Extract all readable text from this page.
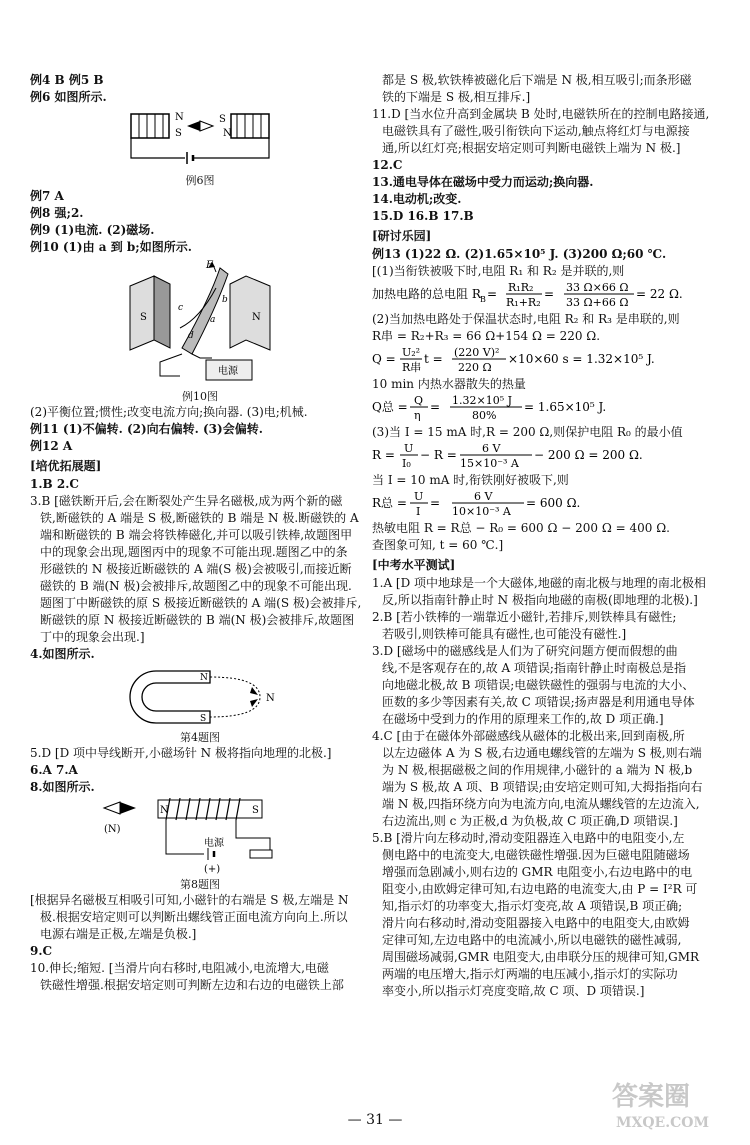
例4 B 例5 B
例6 如图所示.
N
S
S
N
例6图
例7 A
例8 强;2.
例9 (1)电流. (2)磁场.
例10 (1)由 a 到 b;如图所示.
F
S	N
a
b
c
d
电源
例10图
(2)平衡位置;惯性;改变电流方向;换向器. (3)电;机械.
例11 (1)不偏转. (2)向右偏转. (3)会偏转.
例12 A
[培优拓展题]
1.B 2.C
3.B [磁铁断开后,会在断裂处产生异名磁极,成为两个新的磁
铁,断磁铁的 A 端是 S 极,断磁铁的 B 端是 N 极.断磁铁的 A
端和断磁铁的 B 端会将铁棒磁化,并可以吸引铁棒,故题图甲
中的现象会出现,题图丙中的现象不可能出现.题图乙中的条
形磁铁的 N 极接近断磁铁的 A 端(S 极)会被吸引,而接近断
磁铁的 B 端(N 极)会被排斥,故题图乙中的现象不可能出现.
题图丁中断磁铁的原 S 极接近断磁铁的 A 端(S 极)会被排斥,
断磁铁的原 N 极接近断磁铁的 B 端(N 极)会被排斥,故题图
丁中的现象会出现.]
4.如图所示.
N
S
N
第4题图
5.D [D 项中导线断开,小磁场针 N 极将指向地理的北极.]
6.A 7.A
8.如图所示.
N	S
(N)
电源
(+)
第8题图
[根据异名磁极互相吸引可知,小磁针的右端是 S 极,左端是 N
极.根据安培定则可以判断出螺线管正面电流方向向上.所以
电源右端是正极,左端是负极.]
9.C
10.伸长;缩短. [当滑片向右移时,电阻减小,电流增大,电磁
铁磁性增强.根据安培定则可判断左边和右边的电磁铁上部
都是 S 极,软铁棒被磁化后下端是 N 极,相互吸引;而条形磁
铁的下端是 S 极,相互排斥.]
11.D [当水位升高到金属块 B 处时,电磁铁所在的控制电路接通,
电磁铁具有了磁性,吸引衔铁向下运动,触点将红灯与电源接
通,所以红灯亮;根据安培定则可判断电磁铁上端为 N 极.]
12.C
13.通电导体在磁场中受力而运动;换向器.
14.电动机;改变.
15.D 16.B 17.B
[研讨乐园]
例13 (1)22 Ω. (2)1.65×10⁵ J. (3)200 Ω;60 ℃.
[(1)当衔铁被吸下时,电阻 R₁ 和 R₂ 是并联的,则
加热电路的总电阻 R B = R₁R₂
R₁+R₂
= 33 Ω×66 Ω
33 Ω+66 Ω
= 22 Ω.
(2)当加热电路处于保温状态时,电阻 R₂ 和 R₃ 是串联的,则
R串 = R₂+R₃ = 66 Ω+154 Ω = 220 Ω.
Q = U₂²
R串
t = (220 V)²
220 Ω
×10×60 s = 1.32×10⁵ J.
10 min 内热水器散失的热量
Q总 = Q
η
= 1.32×10⁵ J
80%
= 1.65×10⁵ J.
(3)当 I = 15 mA 时,R = 200 Ω,则保护电阻 R₀ 的最小值
R = U
I₀
− R = 6 V
15×10⁻³ A
− 200 Ω = 200 Ω.
当 I = 10 mA 时,衔铁刚好被吸下,则
R总 = U
I
=	6 V
10×10⁻³ A
= 600 Ω.
热敏电阻 R = R总 − R₀ = 600 Ω − 200 Ω = 400 Ω.
查图象可知, t = 60 ℃.]
[中考水平测试]
1.A [D 项中地球是一个大磁体,地磁的南北极与地理的南北极相
反,所以指南针静止时 N 极指向地磁的南极(即地理的北极).]
2.B [若小铁棒的一端靠近小磁针,若排斥,则铁棒具有磁性;
若吸引,则铁棒可能具有磁性,也可能没有磁性.]
3.D [磁场中的磁感线是人们为了研究问题方便而假想的曲
线,不是客观存在的,故 A 项错误;指南针静止时南极总是指
向地磁北极,故 B 项错误;电磁铁磁性的强弱与电流的大小、
匝数的多少等因素有关,故 C 项错误;扬声器是利用通电导体
在磁场中受到力的作用的原理来工作的,故 D 项正确.]
4.C [由于在磁体外部磁感线从磁体的北极出来,回到南极,所
以左边磁体 A 为 S 极,右边通电螺线管的左端为 S 极,则右端
为 N 极,根据磁极之间的作用规律,小磁针的 a 端为 N 极,b
端为 S 极,故 A 项、B 项错误;由安培定则可知,大拇指指向右
端 N 极,四指环绕方向为电流方向,电流从螺线管的左边流入,
右边流出,则 c 为正极,d 为负极,故 C 项正确,D 项错误.]
5.B [滑片向左移动时,滑动变阻器连入电路中的电阻变小,左
侧电路中的电流变大,电磁铁磁性增强.因为巨磁电阻随磁场
增强而急剧减小,则右边的 GMR 电阻变小,右边电路中的电
阻变小,由欧姆定律可知,右边电路的电流变大,由 P = I²R 可
知,指示灯的功率变大,指示灯变亮,故 A 项错误,B 项正确;
滑片向右移动时,滑动变阻器接入电路中的电阻变大,由欧姆
定律可知,左边电路中的电流减小,所以电磁铁的磁性减弱,
周围磁场减弱,GMR 电阻变大,由串联分压的规律可知,GMR
两端的电压增大,指示灯两端的电压减小,指示灯的实际功
率变小,所以指示灯亮度变暗,故 C 项、D 项错误.]
— 31 —
答案圈
MXQE.COM
